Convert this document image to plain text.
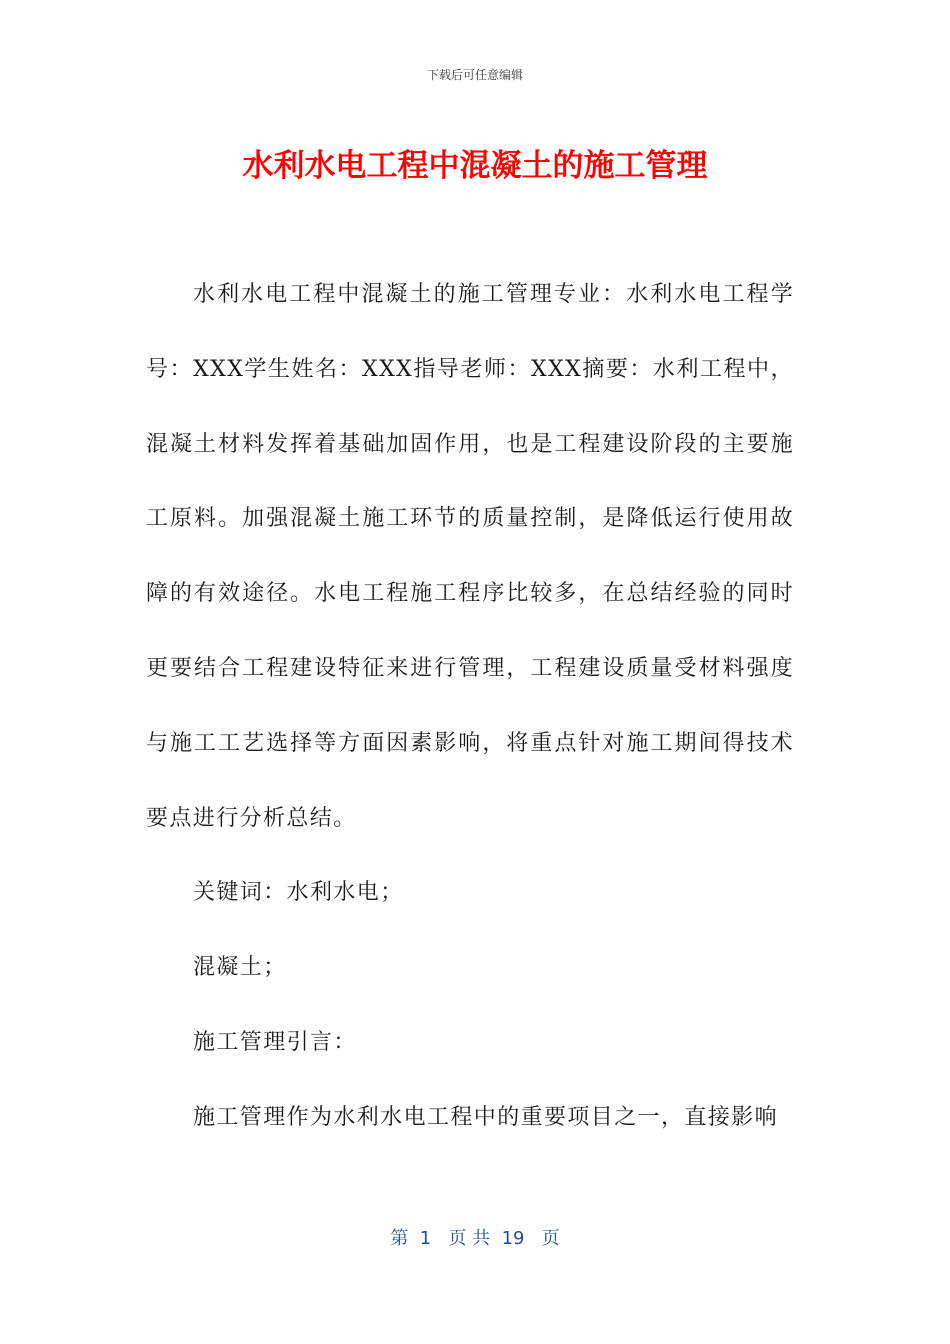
下载后可任意编辑
水利水电工程中混凝土的施工管理

水利水电工程中混凝土的施工管理专业：水利水电工程学号：XXX学生姓名：XXX指导老师：XXX摘要：水利工程中，混凝土材料发挥着基础加固作用，也是工程建设阶段的主要施工原料。加强混凝土施工环节的质量控制，是降低运行使用故障的有效途径。水电工程施工程序比较多，在总结经验的同时更要结合工程建设特征来进行管理，工程建设质量受材料强度与施工工艺选择等方面因素影响，将重点针对施工期间得技术要点进行分析总结。

关键词：水利水电；

混凝土；

施工管理引言：

施工管理作为水利水电工程中的重要项目之一，直接影响

第  1   页 共  19   页
